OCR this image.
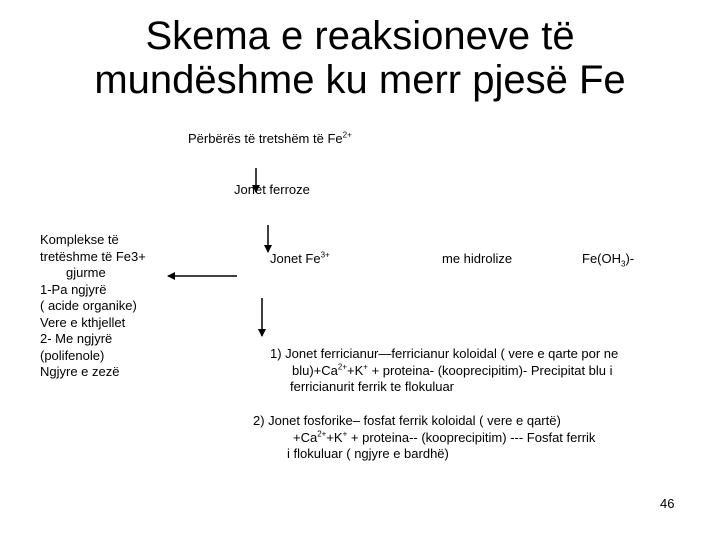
Skema e reaksioneve të
mundëshme ku merr pjesë Fe
Përbërës të tretshëm të $Fe^{2+}$
Jonet ferroze
Komplekse të
tretëshme të Fe3+
gjurme
1-Pa ngjyrë
( acide organike)
Vere e kthjellet
2- Me ngjyrë
(polifenole)
Ngjyre e zezë
Jonet $Fe^{3+}$	me hidrolize	$Fe(OH_3)-$
1) Jonet ferricianur—ferricianur koloidal ( vere e qarte por ne
$blu)+Ca^{2+}+K^+$ + proteina- (kooprecipitim)- Precipitat blu i
ferricianurit ferrik te flokuluar
2) Jonet fosforike– fosfat ferrik koloidal ( vere e qartë)
$+Ca^{2+}+K^+$ + proteina-- (kooprecipitim) --- Fosfat ferrik
i flokuluar ( ngjyre e bardhë)
46
